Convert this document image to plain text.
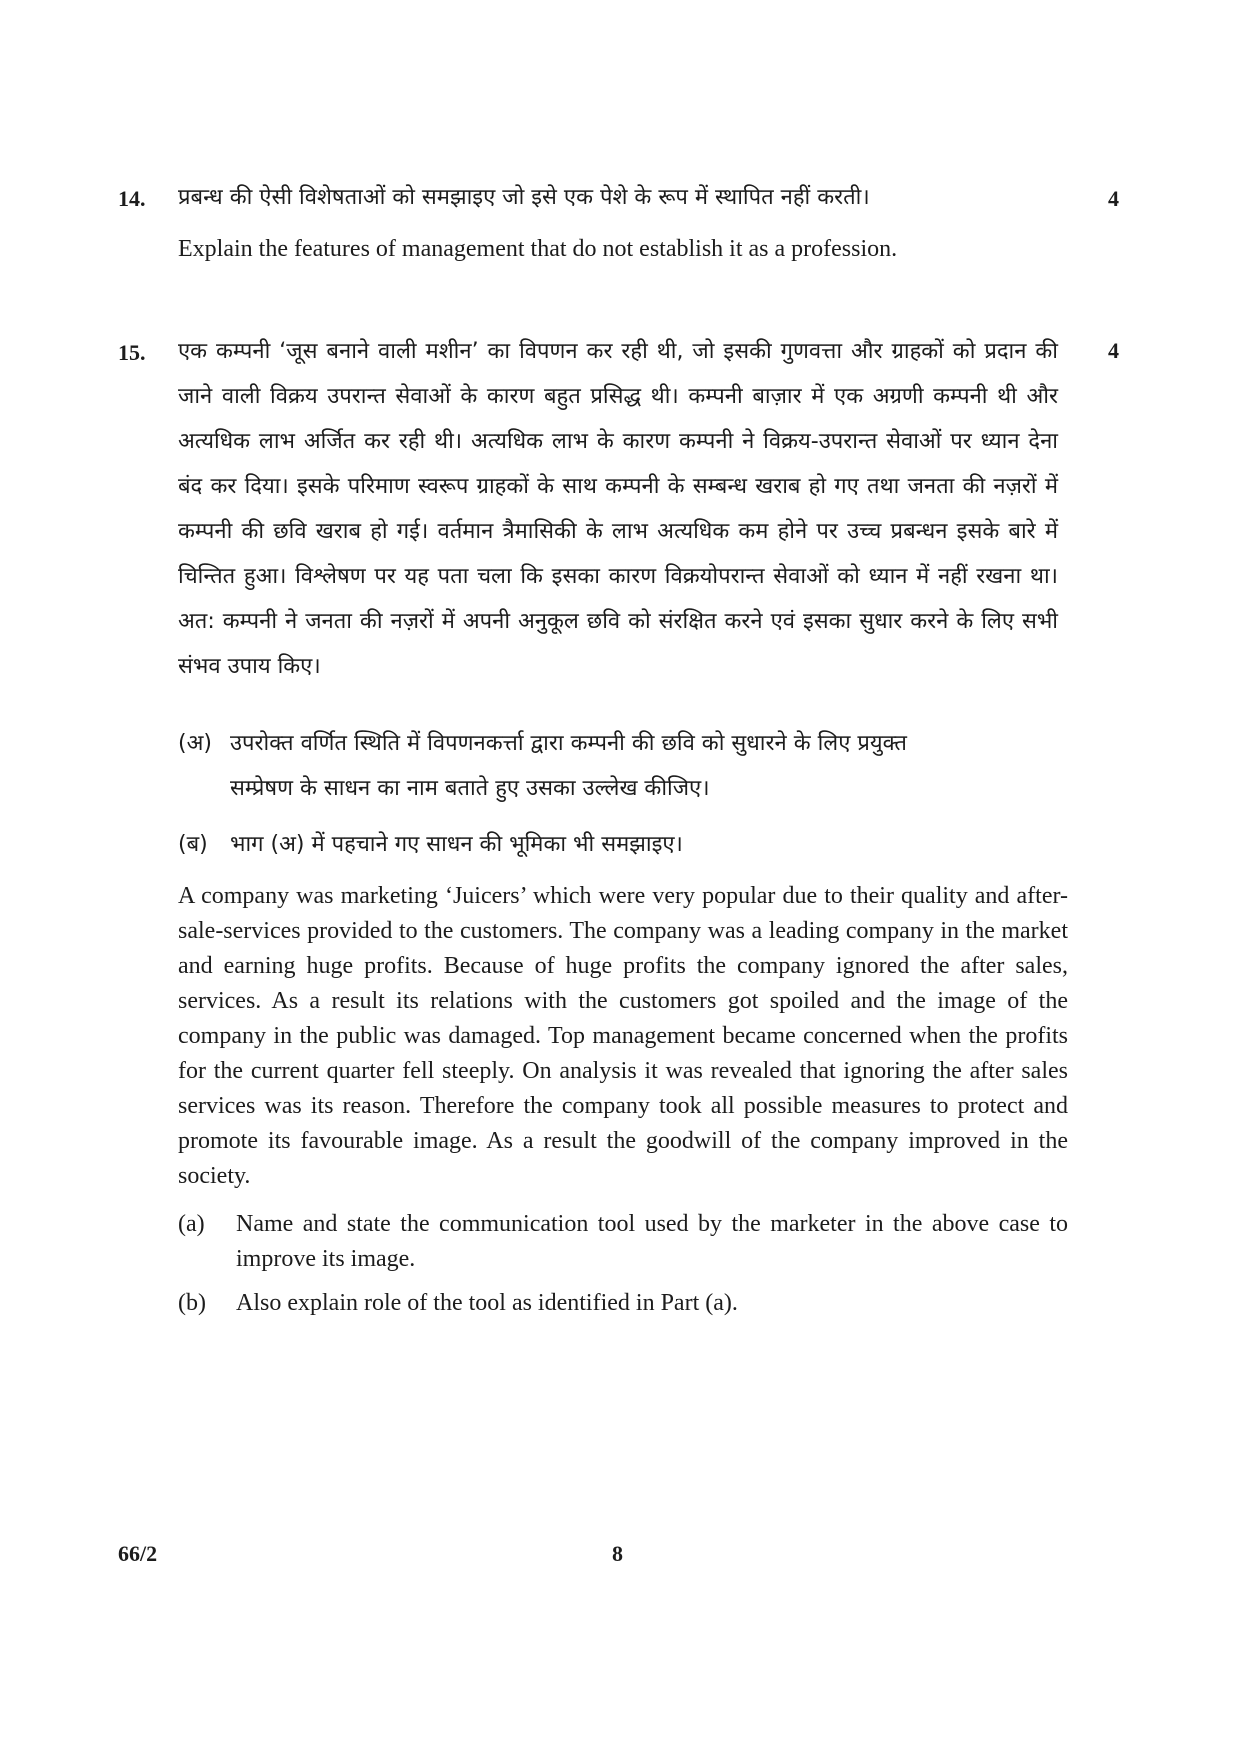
14. प्रबन्ध की ऐसी विशेषताओं को समझाइए जो इसे एक पेशे के रूप में स्थापित नहीं करती।	4
Explain the features of management that do not establish it as a profession.
15.	4
एक कम्पनी ‘जूस बनाने वाली मशीन’ का विपणन कर रही थी, जो इसकी गुणवत्ता और ग्राहकों को प्रदान की जाने वाली विक्रय उपरान्त सेवाओं के कारण बहुत प्रसिद्ध थी। कम्पनी बाज़ार में एक अग्रणी कम्पनी थी और अत्यधिक लाभ अर्जित कर रही थी। अत्यधिक लाभ के कारण कम्पनी ने विक्रय-उपरान्त सेवाओं पर ध्यान देना बंद कर दिया। इसके परिमाण स्वरूप ग्राहकों के साथ कम्पनी के सम्बन्ध खराब हो गए तथा जनता की नज़रों में कम्पनी की छवि खराब हो गई। वर्तमान त्रैमासिकी के लाभ अत्यधिक कम होने पर उच्च प्रबन्धन इसके बारे में चिन्तित हुआ। विश्लेषण पर यह पता चला कि इसका कारण विक्रयोपरान्त सेवाओं को ध्यान में नहीं रखना था। अत: कम्पनी ने जनता की नज़रों में अपनी अनुकूल छवि को संरक्षित करने एवं इसका सुधार करने के लिए सभी संभव उपाय किए।
(अ) उपरोक्त वर्णित स्थिति में विपणनकर्त्ता द्वारा कम्पनी की छवि को सुधारने के लिए प्रयुक्त
सम्प्रेषण के साधन का नाम बताते हुए उसका उल्लेख कीजिए।
(ब) भाग (अ) में पहचाने गए साधन की भूमिका भी समझाइए।
A company was marketing ‘Juicers’ which were very popular due to their quality and after-sale-services provided to the customers. The company was a leading company in the market and earning huge profits. Because of huge profits the company ignored the after sales, services. As a result its relations with the customers got spoiled and the image of the company in the public was damaged. Top management became concerned when the profits for the current quarter fell steeply. On analysis it was revealed that ignoring the after sales services was its reason. Therefore the company took all possible measures to protect and promote its favourable image. As a result the goodwill of the company improved in the society.
(a) Name and state the communication tool used by the marketer in the above case to improve its image.
(b) Also explain role of the tool as identified in Part (a).
66/2	8
